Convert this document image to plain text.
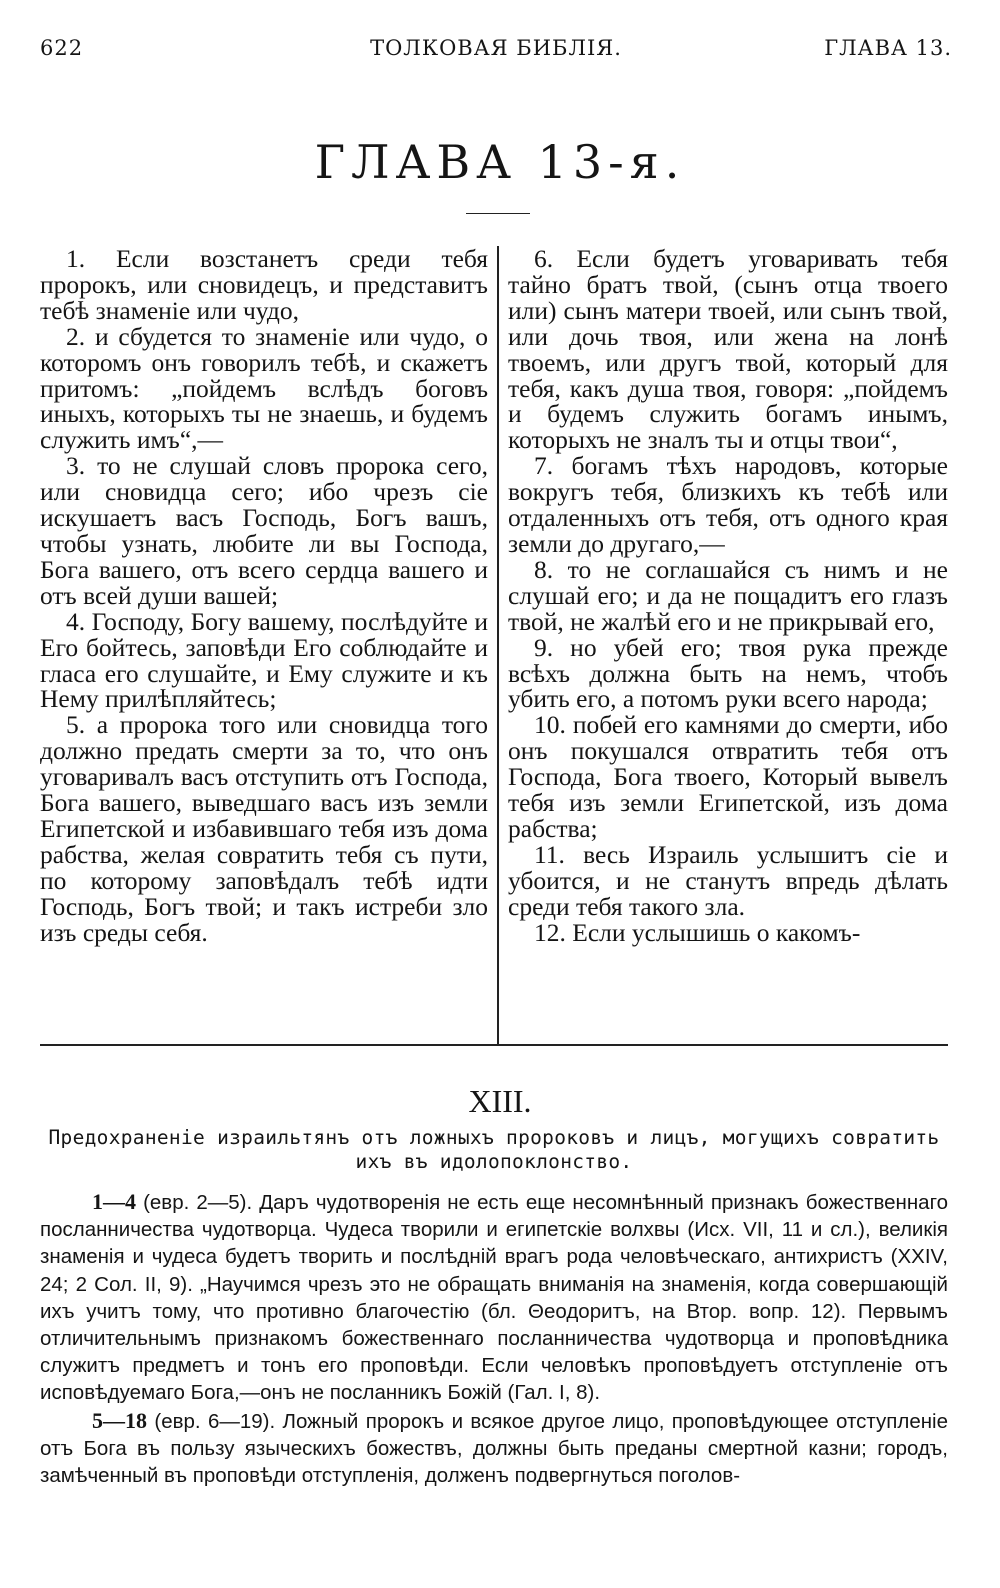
622	ТОЛКОВАЯ БИБЛІЯ.	ГЛАВА 13.
ГЛАВА 13-я.

1. Если возстанетъ среди тебя пророкъ, или сновидецъ, и представитъ тебѣ знаменіе или чудо,

2. и сбудется то знаменіе или чудо, о которомъ онъ говорилъ тебѣ, и скажетъ притомъ: „пойдемъ вслѣдъ боговъ иныхъ, которыхъ ты не знаешь, и будемъ служить имъ“,—

3. то не слушай словъ пророка сего, или сновидца сего; ибо чрезъ сіе искушаетъ васъ Господь, Богъ вашъ, чтобы узнать, любите ли вы Господа, Бога вашего, отъ всего сердца вашего и отъ всей души вашей;

4. Господу, Богу вашему, послѣдуйте и Его бойтесь, заповѣди Его соблюдайте и гласа его слушайте, и Ему служите и къ Нему прилѣпляйтесь;

5. а пророка того или сновидца того должно предать смерти за то, что онъ уговаривалъ васъ отступить отъ Господа, Бога вашего, выведшаго васъ изъ земли Египетской и избавившаго тебя изъ дома рабства, желая совратить тебя съ пути, по которому заповѣдалъ тебѣ идти Господь, Богъ твой; и такъ истреби зло изъ среды себя.

6. Если будетъ уговаривать тебя тайно братъ твой, (сынъ отца твоего или) сынъ матери твоей, или сынъ твой, или дочь твоя, или жена на лонѣ твоемъ, или другъ твой, который для тебя, какъ душа твоя, говоря: „пойдемъ и будемъ служить богамъ инымъ, которыхъ не зналъ ты и отцы твои“,

7. богамъ тѣхъ народовъ, которые вокругъ тебя, близкихъ къ тебѣ или отдаленныхъ отъ тебя, отъ одного края земли до другаго,—

8. то не соглашайся съ нимъ и не слушай его; и да не пощадитъ его глазъ твой, не жалѣй его и не прикрывай его,

9. но убей его; твоя рука прежде всѣхъ должна быть на немъ, чтобъ убить его, а потомъ руки всего народа;

10. побей его камнями до смерти, ибо онъ покушался отвратить тебя отъ Господа, Бога твоего, Который вывелъ тебя изъ земли Египетской, изъ дома рабства;

11. весь Израиль услышитъ сіе и убоится, и не станутъ впредь дѣлать среди тебя такого зла.

12. Если услышишь о какомъ-

XIII.

Предохраненіе израильтянъ отъ ложныхъ пророковъ и лицъ, могущихъ совратить ихъ въ идолопоклонство.

1—4 (евр. 2—5). Даръ чудотворенія не есть еще несомнѣнный признакъ божественнаго посланничества чудотворца. Чудеса творили и египетскіе волхвы (Исх. VII, 11 и сл.), великія знаменія и чудеса будетъ творить и послѣдній врагъ рода человѣческаго, антихристъ (XXIV, 24; 2 Сол. II, 9). „Научимся чрезъ это не обращать вниманія на знаменія, когда совершающій ихъ учитъ тому, что противно благочестію (бл. Θеодоритъ, на Втор. вопр. 12). Первымъ отличительнымъ признакомъ божественнаго посланничества чудотворца и проповѣдника служитъ предметъ и тонъ его проповѣди. Если человѣкъ проповѣдуетъ отступленіе отъ исповѣдуемаго Бога,—онъ не посланникъ Божій (Гал. I, 8).

5—18 (евр. 6—19). Ложный пророкъ и всякое другое лицо, проповѣдующее отступленіе отъ Бога въ пользу языческихъ божествъ, должны быть преданы смертной казни; городъ, замѣченный въ проповѣди отступленія, долженъ подвергнуться поголов-
